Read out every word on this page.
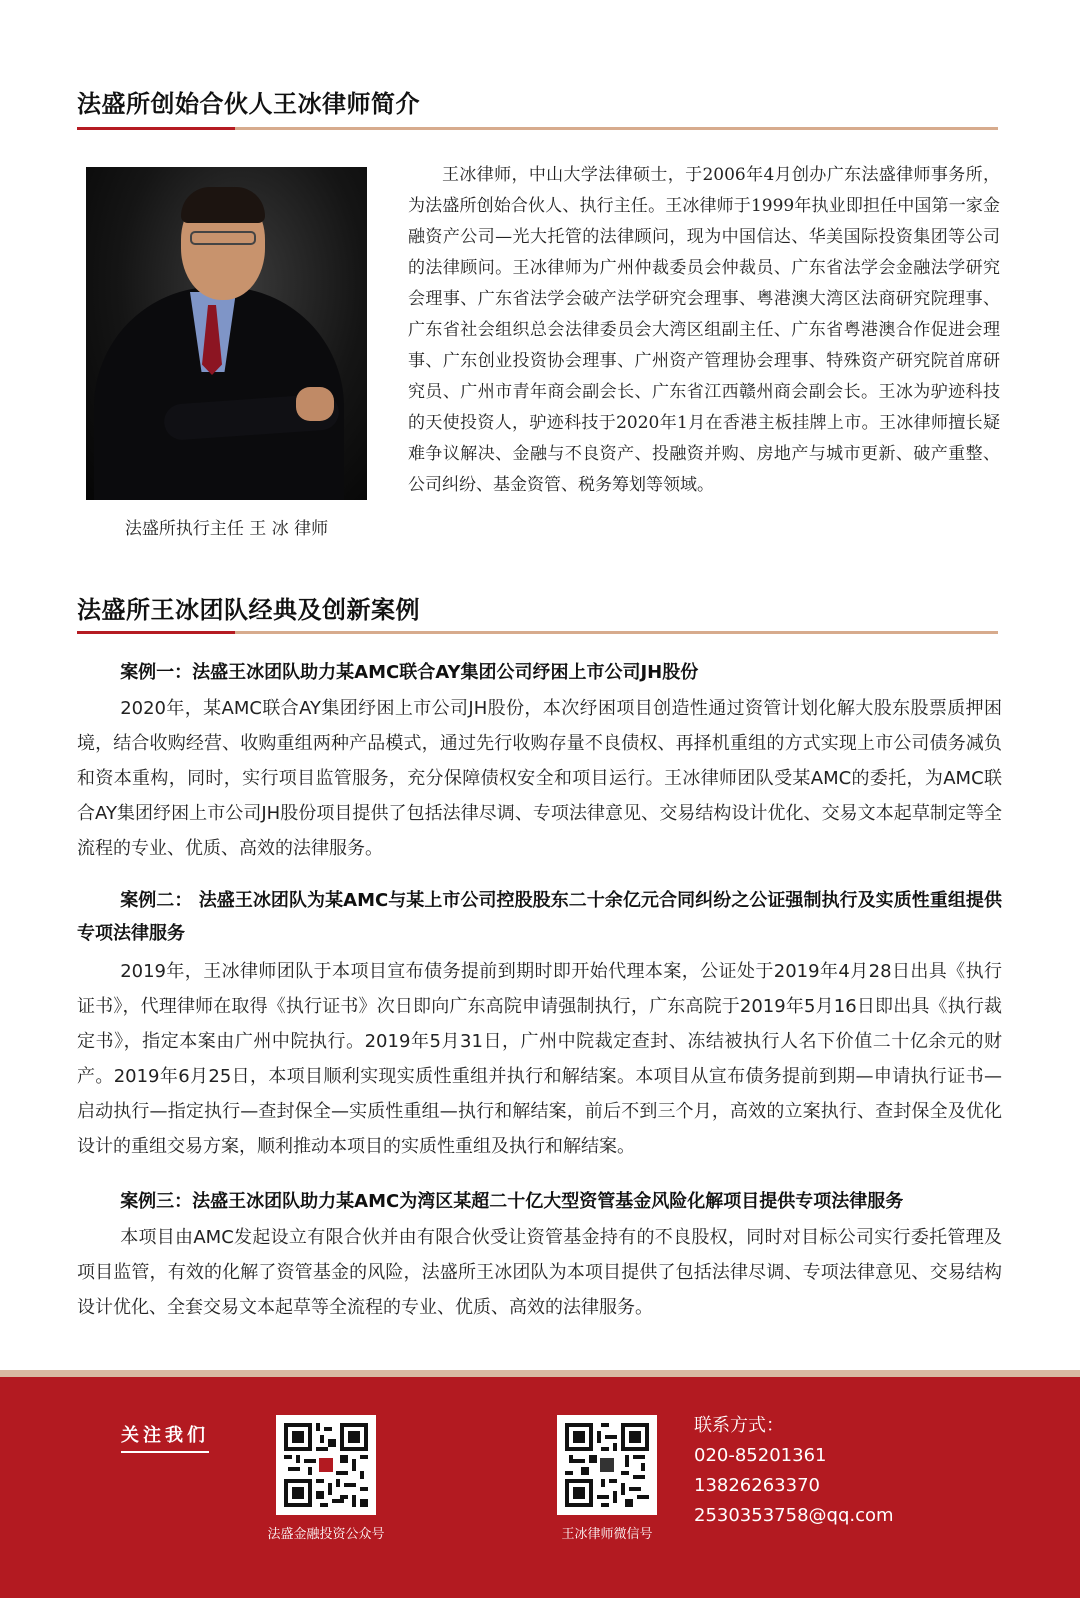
法盛所创始合伙人王冰律师简介
法盛所执行主任 王 冰 律师

王冰律师，中山大学法律硕士，于2006年4月创办广东法盛律师事务所，为法盛所创始合伙人、执行主任。王冰律师于1999年执业即担任中国第一家金融资产公司—光大托管的法律顾问，现为中国信达、华美国际投资集团等公司的法律顾问。王冰律师为广州仲裁委员会仲裁员、广东省法学会金融法学研究会理事、广东省法学会破产法学研究会理事、粤港澳大湾区法商研究院理事、广东省社会组织总会法律委员会大湾区组副主任、广东省粤港澳合作促进会理事、广东创业投资协会理事、广州资产管理协会理事、特殊资产研究院首席研究员、广州市青年商会副会长、广东省江西赣州商会副会长。王冰为驴迹科技的天使投资人，驴迹科技于2020年1月在香港主板挂牌上市。王冰律师擅长疑难争议解决、金融与不良资产、投融资并购、房地产与城市更新、破产重整、公司纠纷、基金资管、税务筹划等领域。

法盛所王冰团队经典及创新案例
案例一：法盛王冰团队助力某AMC联合AY集团公司纾困上市公司JH股份

2020年，某AMC联合AY集团纾困上市公司JH股份，本次纾困项目创造性通过资管计划化解大股东股票质押困境，结合收购经营、收购重组两种产品模式，通过先行收购存量不良债权、再择机重组的方式实现上市公司债务减负和资本重构，同时，实行项目监管服务，充分保障债权安全和项目运行。王冰律师团队受某AMC的委托，为AMC联合AY集团纾困上市公司JH股份项目提供了包括法律尽调、专项法律意见、交易结构设计优化、交易文本起草制定等全流程的专业、优质、高效的法律服务。

案例二： 法盛王冰团队为某AMC与某上市公司控股股东二十余亿元合同纠纷之公证强制执行及实质性重组提供专项法律服务

2019年，王冰律师团队于本项目宣布债务提前到期时即开始代理本案，公证处于2019年4月28日出具《执行证书》，代理律师在取得《执行证书》次日即向广东高院申请强制执行，广东高院于2019年5月16日即出具《执行裁定书》，指定本案由广州中院执行。2019年5月31日，广州中院裁定查封、冻结被执行人名下价值二十亿余元的财产。2019年6月25日，本项目顺利实现实质性重组并执行和解结案。本项目从宣布债务提前到期—申请执行证书—启动执行—指定执行—查封保全—实质性重组—执行和解结案，前后不到三个月，高效的立案执行、查封保全及优化设计的重组交易方案，顺利推动本项目的实质性重组及执行和解结案。

案例三：法盛王冰团队助力某AMC为湾区某超二十亿大型资管基金风险化解项目提供专项法律服务

本项目由AMC发起设立有限合伙并由有限合伙受让资管基金持有的不良股权，同时对目标公司实行委托管理及项目监管，有效的化解了资管基金的风险，法盛所王冰团队为本项目提供了包括法律尽调、专项法律意见、交易结构设计优化、全套交易文本起草等全流程的专业、优质、高效的法律服务。

关注我们
法盛金融投资公众号	王冰律师微信号
联系方式：
020-85201361
13826263370
2530353758@qq.com
